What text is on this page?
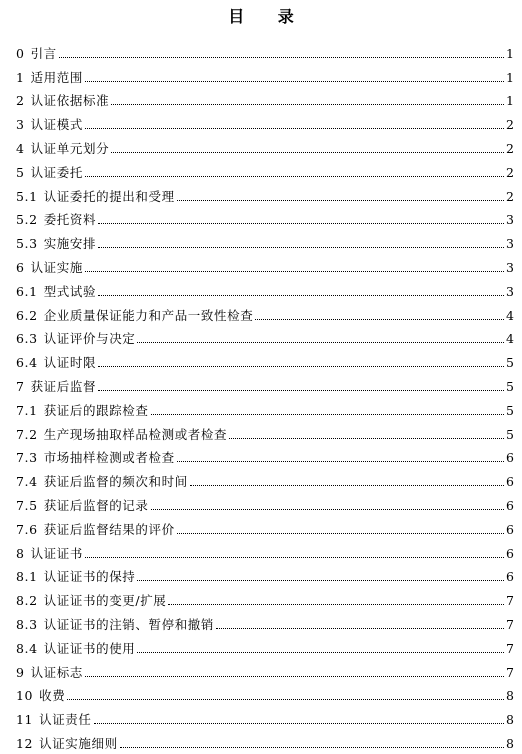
目 录
0 引言	1
1 适用范围	1
2 认证依据标准	1
3 认证模式	2
4 认证单元划分	2
5 认证委托	2
5.1 认证委托的提出和受理	2
5.2 委托资料	3
5.3 实施安排	3
6 认证实施	3
6.1 型式试验	3
6.2 企业质量保证能力和产品一致性检查	4
6.3 认证评价与决定	4
6.4 认证时限	5
7 获证后监督	5
7.1 获证后的跟踪检查	5
7.2 生产现场抽取样品检测或者检查	5
7.3 市场抽样检测或者检查	6
7.4 获证后监督的频次和时间	6
7.5 获证后监督的记录	6
7.6 获证后监督结果的评价	6
8 认证证书	6
8.1 认证证书的保持	6
8.2 认证证书的变更/扩展	7
8.3 认证证书的注销、暂停和撤销	7
8.4 认证证书的使用	7
9 认证标志	7
10 收费	8
11 认证责任	8
12 认证实施细则	8
